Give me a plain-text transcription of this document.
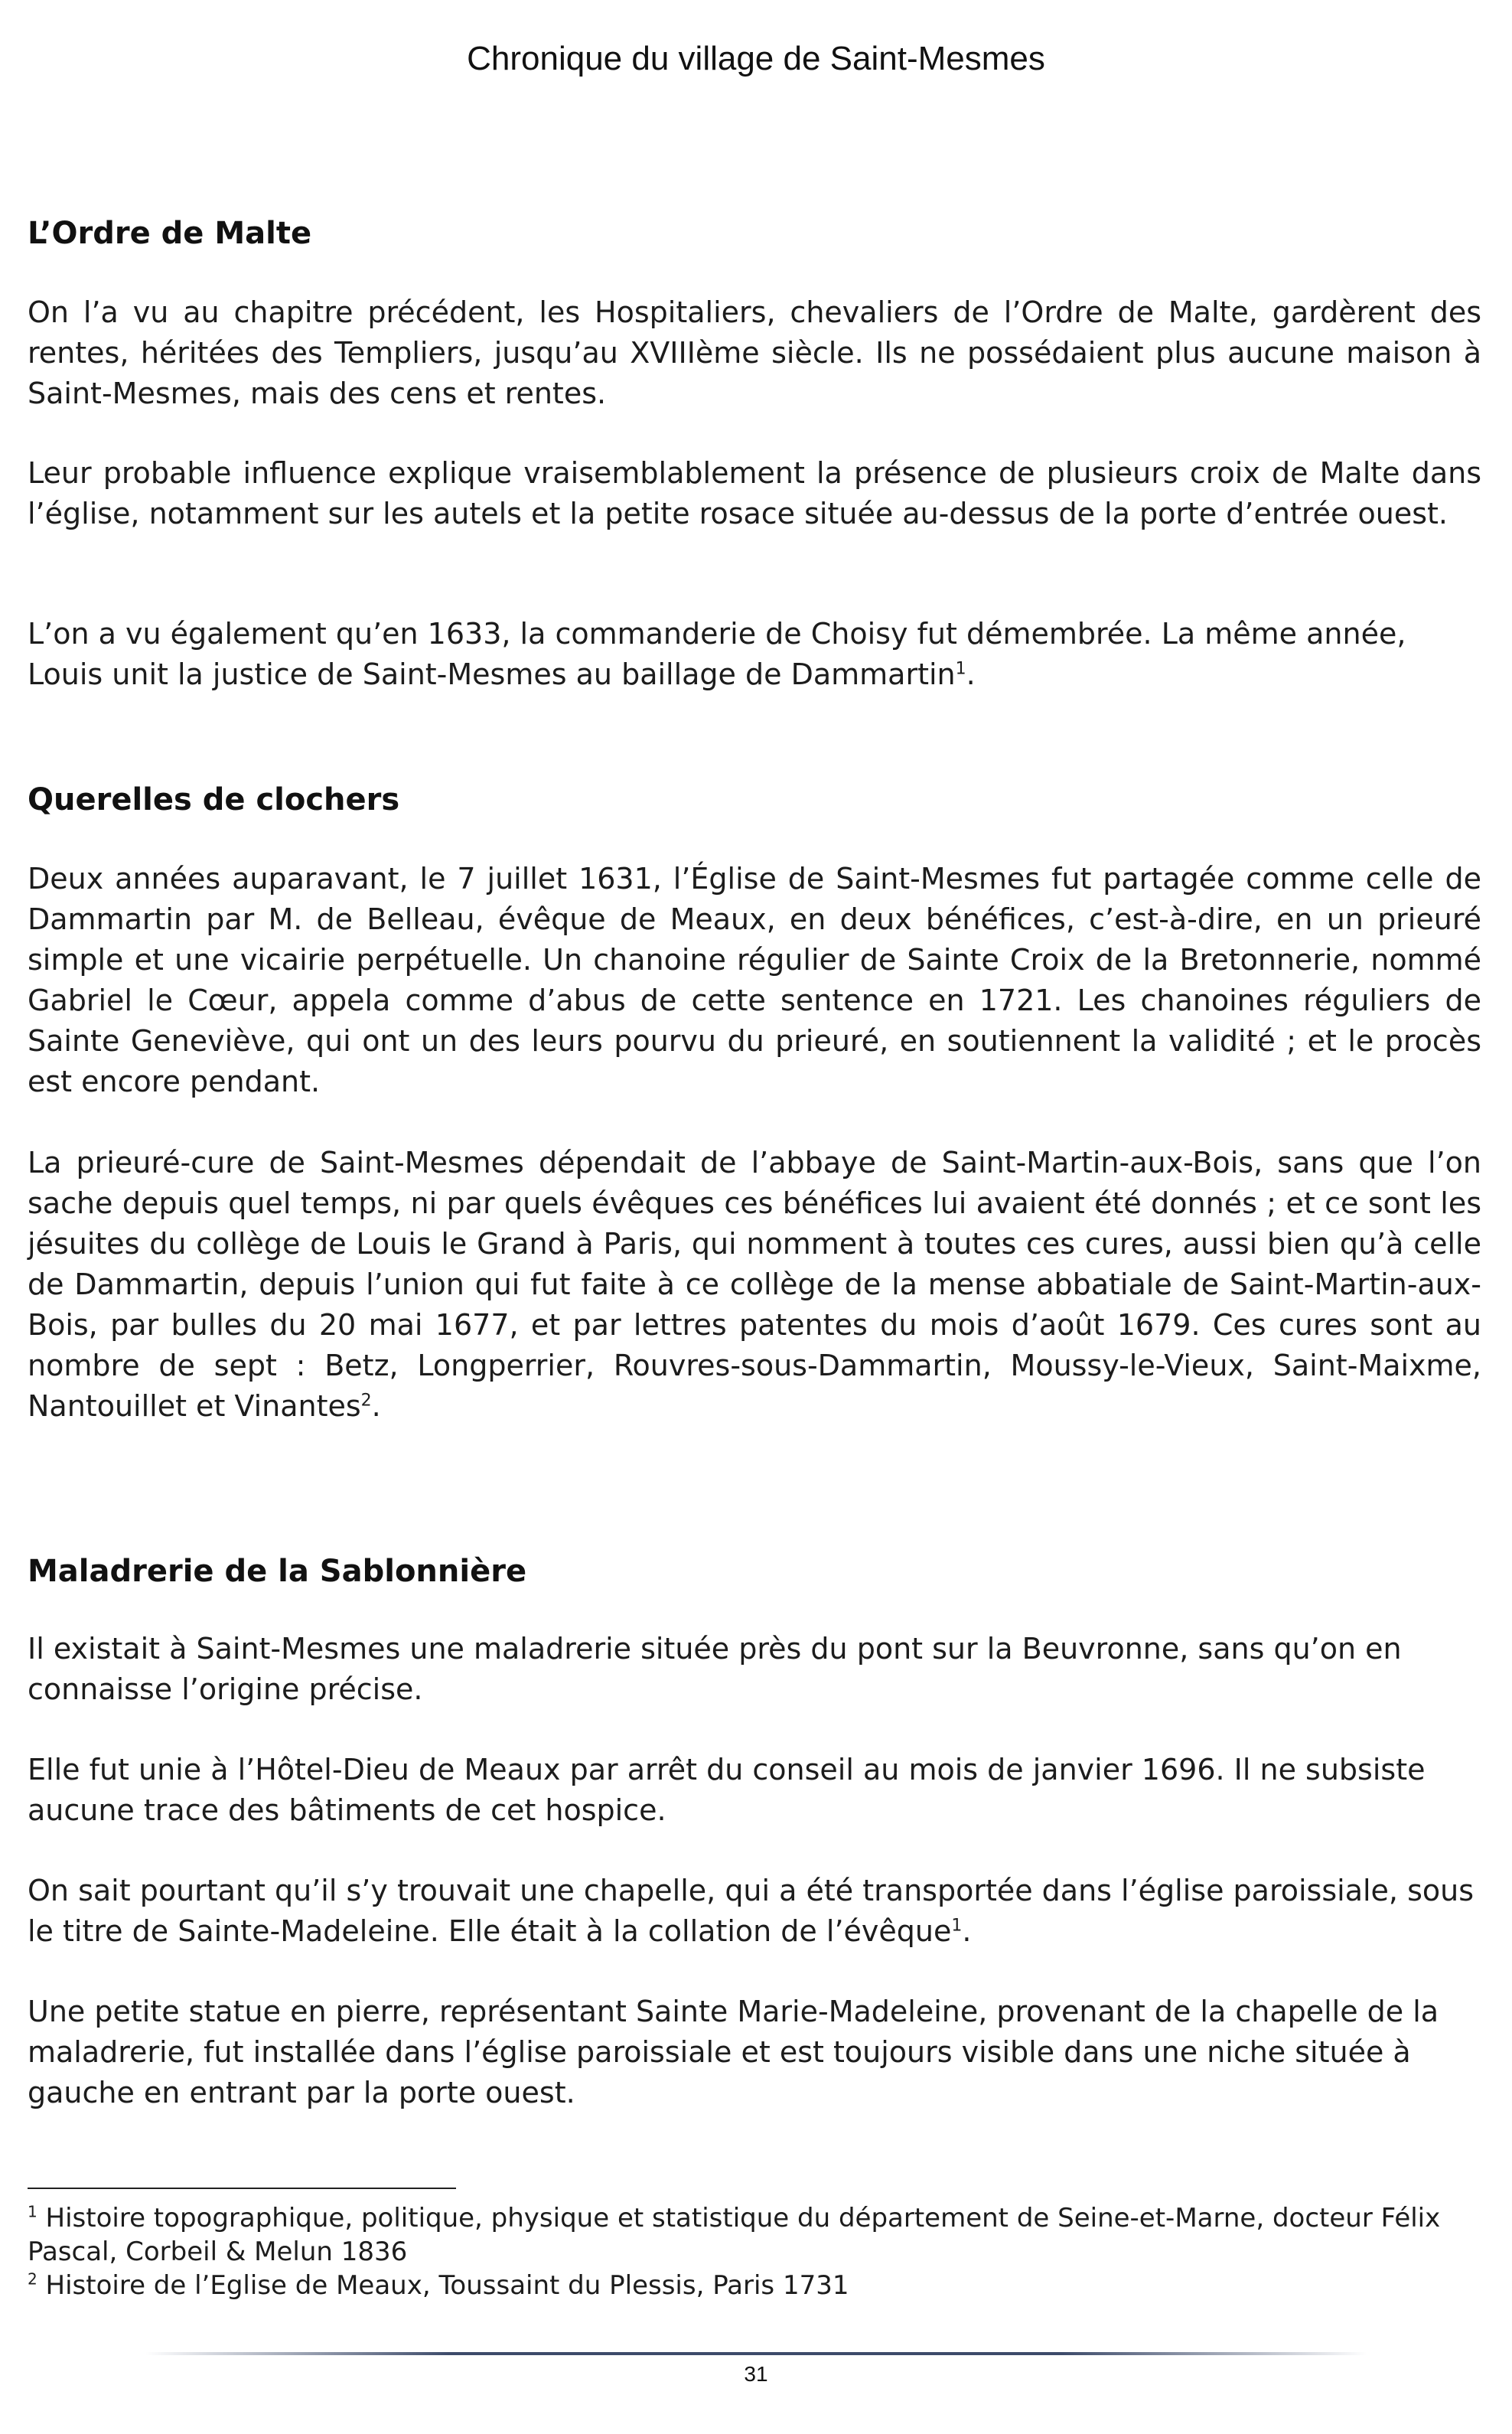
Chronique du village de Saint-Mesmes
L’Ordre de Malte
On l’a vu au chapitre précédent, les Hospitaliers, chevaliers de l’Ordre de Malte, gardèrent des rentes, héritées des Templiers, jusqu’au XVIIIème siècle. Ils ne possédaient plus aucune maison à Saint-Mesmes, mais des cens et rentes.
Leur probable influence explique vraisemblablement la présence de plusieurs croix de Malte dans l’église, notamment sur les autels et la petite rosace située au-dessus de la porte d’entrée ouest.
L’on a vu également qu’en 1633, la commanderie de Choisy fut démembrée. La même année, Louis unit la justice de Saint-Mesmes au baillage de Dammartin$^1$.
Querelles de clochers
Deux années auparavant, le 7 juillet 1631, l’Église de Saint-Mesmes fut partagée comme celle de Dammartin par M. de Belleau, évêque de Meaux, en deux bénéfices, c’est-à-dire, en un prieuré simple et une vicairie perpétuelle. Un chanoine régulier de Sainte Croix de la Bretonnerie, nommé Gabriel le Cœur, appela comme d’abus de cette sentence en 1721. Les chanoines réguliers de Sainte Geneviève, qui ont un des leurs pourvu du prieuré, en soutiennent la validité ; et le procès est encore pendant.
La prieuré-cure de Saint-Mesmes dépendait de l’abbaye de Saint-Martin-aux-Bois, sans que l’on sache depuis quel temps, ni par quels évêques ces bénéfices lui avaient été donnés ; et ce sont les jésuites du collège de Louis le Grand à Paris, qui nomment à toutes ces cures, aussi bien qu’à celle de Dammartin, depuis l’union qui fut faite à ce collège de la mense abbatiale de Saint-Martin-aux-Bois, par bulles du 20 mai 1677, et par lettres patentes du mois d’août 1679. Ces cures sont au nombre de sept : Betz, Longperrier, Rouvres-sous-Dammartin, Moussy-le-Vieux, Saint-Maixme, Nantouillet et Vinantes$^2$.
Maladrerie de la Sablonnière
Il existait à Saint-Mesmes une maladrerie située près du pont sur la Beuvronne, sans qu’on en connaisse l’origine précise.
Elle fut unie à l’Hôtel-Dieu de Meaux par arrêt du conseil au mois de janvier 1696. Il ne subsiste aucune trace des bâtiments de cet hospice.
On sait pourtant qu’il s’y trouvait une chapelle, qui a été transportée dans l’église paroissiale, sous le titre de Sainte-Madeleine. Elle était à la collation de l’évêque$^1$.
Une petite statue en pierre, représentant Sainte Marie-Madeleine, provenant de la chapelle de la maladrerie, fut installée dans l’église paroissiale et est toujours visible dans une niche située à gauche en entrant par la porte ouest.
$^1$ Histoire topographique, politique, physique et statistique du département de Seine-et-Marne, docteur Félix Pascal, Corbeil & Melun 1836
$^2$ Histoire de l’Eglise de Meaux, Toussaint du Plessis, Paris 1731
31
